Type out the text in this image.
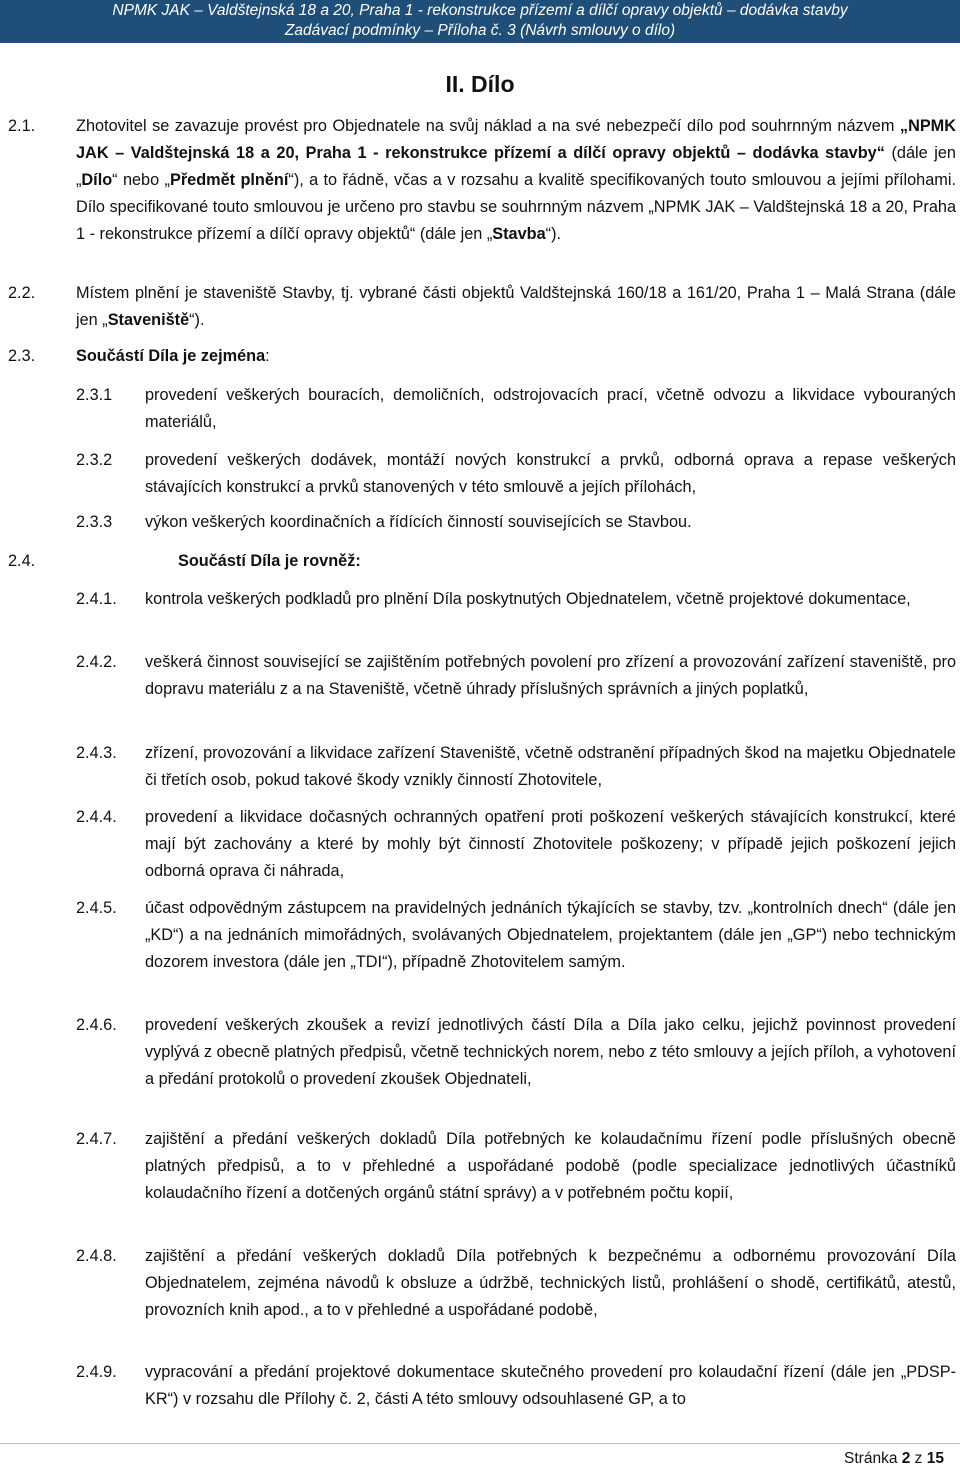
NPMK JAK – Valdštejnská 18 a 20, Praha 1 - rekonstrukce přízemí a dílčí opravy objektů – dodávka stavby
Zadávací podmínky – Příloha č. 3 (Návrh smlouvy o dílo)
II. Dílo
2.1.	Zhotovitel se zavazuje provést pro Objednatele na svůj náklad a na své nebezpečí dílo pod souhrnným názvem „NPMK JAK – Valdštejnská 18 a 20, Praha 1 - rekonstrukce přízemí a dílčí opravy objektů – dodávka stavby“ (dále jen „Dílo“ nebo „Předmět plnění“), a to řádně, včas a v rozsahu a kvalitě specifikovaných touto smlouvou a jejími přílohami. Dílo specifikované touto smlouvou je určeno pro stavbu se souhrnným názvem „NPMK JAK – Valdštejnská 18 a 20, Praha 1 - rekonstrukce přízemí a dílčí opravy objektů“ (dále jen „Stavba“).
2.2.	Místem plnění je staveniště Stavby, tj. vybrané části objektů Valdštejnská 160/18 a 161/20, Praha 1 – Malá Strana (dále jen „Staveniště“).
2.3.	Součástí Díla je zejména:
2.3.1 provedení veškerých bouracích, demoličních, odstrojovacích prací, včetně odvozu a likvidace vybouraných materiálů,
2.3.2 provedení veškerých dodávek, montáží nových konstrukcí a prvků, odborná oprava a repase veškerých stávajících konstrukcí a prvků stanovených v této smlouvě a jejích přílohách,
2.3.3 výkon veškerých koordinačních a řídících činností souvisejících se Stavbou.
2.4.	Součástí Díla je rovněž:
2.4.1. kontrola veškerých podkladů pro plnění Díla poskytnutých Objednatelem, včetně projektové dokumentace,
2.4.2. veškerá činnost související se zajištěním potřebných povolení pro zřízení a provozování zařízení staveniště, pro dopravu materiálu z a na Staveniště, včetně úhrady příslušných správních a jiných poplatků,
2.4.3. zřízení, provozování a likvidace zařízení Staveniště, včetně odstranění případných škod na majetku Objednatele či třetích osob, pokud takové škody vznikly činností Zhotovitele,
2.4.4. provedení a likvidace dočasných ochranných opatření proti poškození veškerých stávajících konstrukcí, které mají být zachovány a které by mohly být činností Zhotovitele poškozeny; v případě jejich poškození jejich odborná oprava či náhrada,
2.4.5. účast odpovědným zástupcem na pravidelných jednáních týkajících se stavby, tzv. „kontrolních dnech“ (dále jen „KD“) a na jednáních mimořádných, svolávaných Objednatelem, projektantem (dále jen „GP“) nebo technickým dozorem investora (dále jen „TDI“), případně Zhotovitelem samým.
2.4.6. provedení veškerých zkoušek a revizí jednotlivých částí Díla a Díla jako celku, jejichž povinnost provedení vyplývá z obecně platných předpisů, včetně technických norem, nebo z této smlouvy a jejích příloh, a vyhotovení a předání protokolů o provedení zkoušek Objednateli,
2.4.7. zajištění a předání veškerých dokladů Díla potřebných ke kolaudačnímu řízení podle příslušných obecně platných předpisů, a to v přehledné a uspořádané podobě (podle specializace jednotlivých účastníků kolaudačního řízení a dotčených orgánů státní správy) a v potřebném počtu kopií,
2.4.8. zajištění a předání veškerých dokladů Díla potřebných k bezpečnému a odbornému provozování Díla Objednatelem, zejména návodů k obsluze a údržbě, technických listů, prohlášení o shodě, certifikátů, atestů, provozních knih apod., a to v přehledné a uspořádané podobě,
2.4.9. vypracování a předání projektové dokumentace skutečného provedení pro kolaudační řízení (dále jen „PDSP-KR“) v rozsahu dle Přílohy č. 2, části A této smlouvy odsouhlasené GP, a to
Stránka 2 z 15
